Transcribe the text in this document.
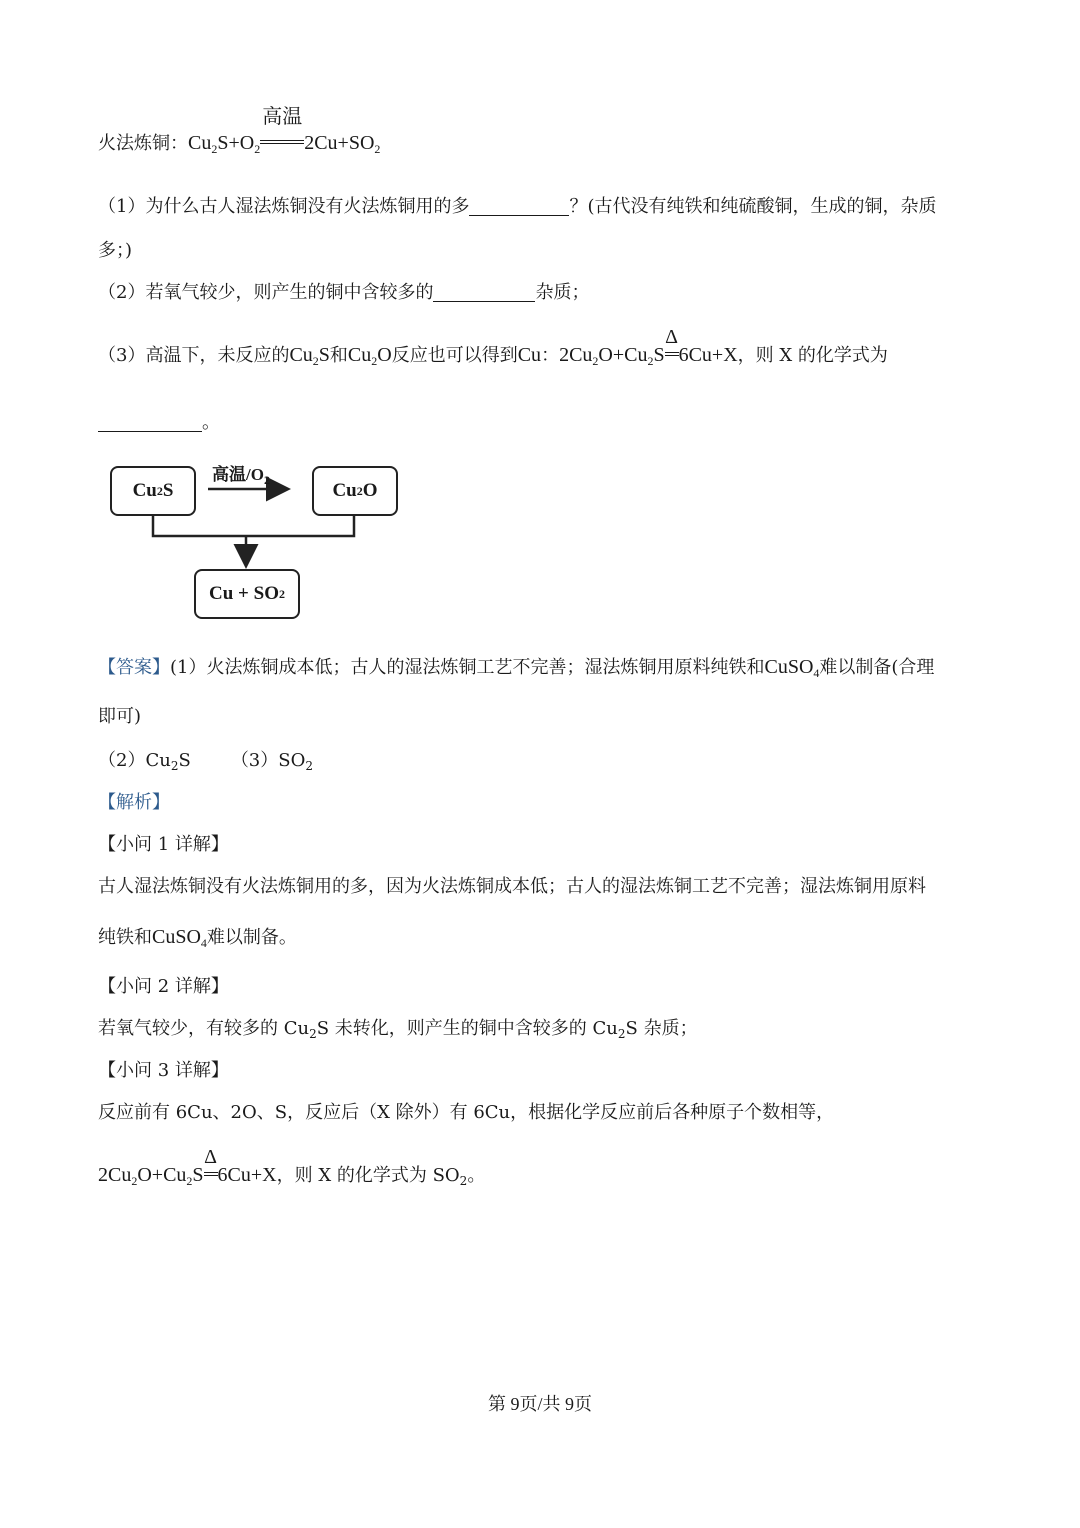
火法炼铜：$Cu_2S+O_2$
高温
$2Cu+SO_2$
（1）为什么古人湿法炼铜没有火法炼铜用的多	？(古代没有纯铁和纯硫酸铜，生成的铜，杂质
多；)
（2）若氧气较少，则产生的铜中含较多的	杂质；
（3）高温下，未反应的$Cu_2S$和$Cu_2O$反应也可以得到Cu：$2Cu_2O+Cu_2S$
Δ
6Cu+X，则 X 的化学式为
。
Cu 2 S
高温$/O_2$	Cu 2 O
Cu + SO 2
【答案】(1）火法炼铜成本低；古人的湿法炼铜工艺不完善；湿法炼铜用原料纯铁和CuSO$_4$难以制备(合理
即可)
$(2)Cu_2S$ $(3)SO_2$
【解析】
【小问 1 详解】
古人湿法炼铜没有火法炼铜用的多，因为火法炼铜成本低；古人的湿法炼铜工艺不完善；湿法炼铜用原料
纯铁和CuSO$_4$难以制备。
【小问 2 详解】
若氧气较少，有较多的 $Cu_2S$ 未转化，则产生的铜中含较多的 $Cu_2S$ 杂质；
【小问 3 详解】
反应前有 6Cu、2O、S，反应后（X 除外）有 6Cu，根据化学反应前后各种原子个数相等，
$2Cu_2O+Cu_2S$
Δ
6Cu+X，则 X 的化学式为 $SO_2$。
第 9页/共 9页
